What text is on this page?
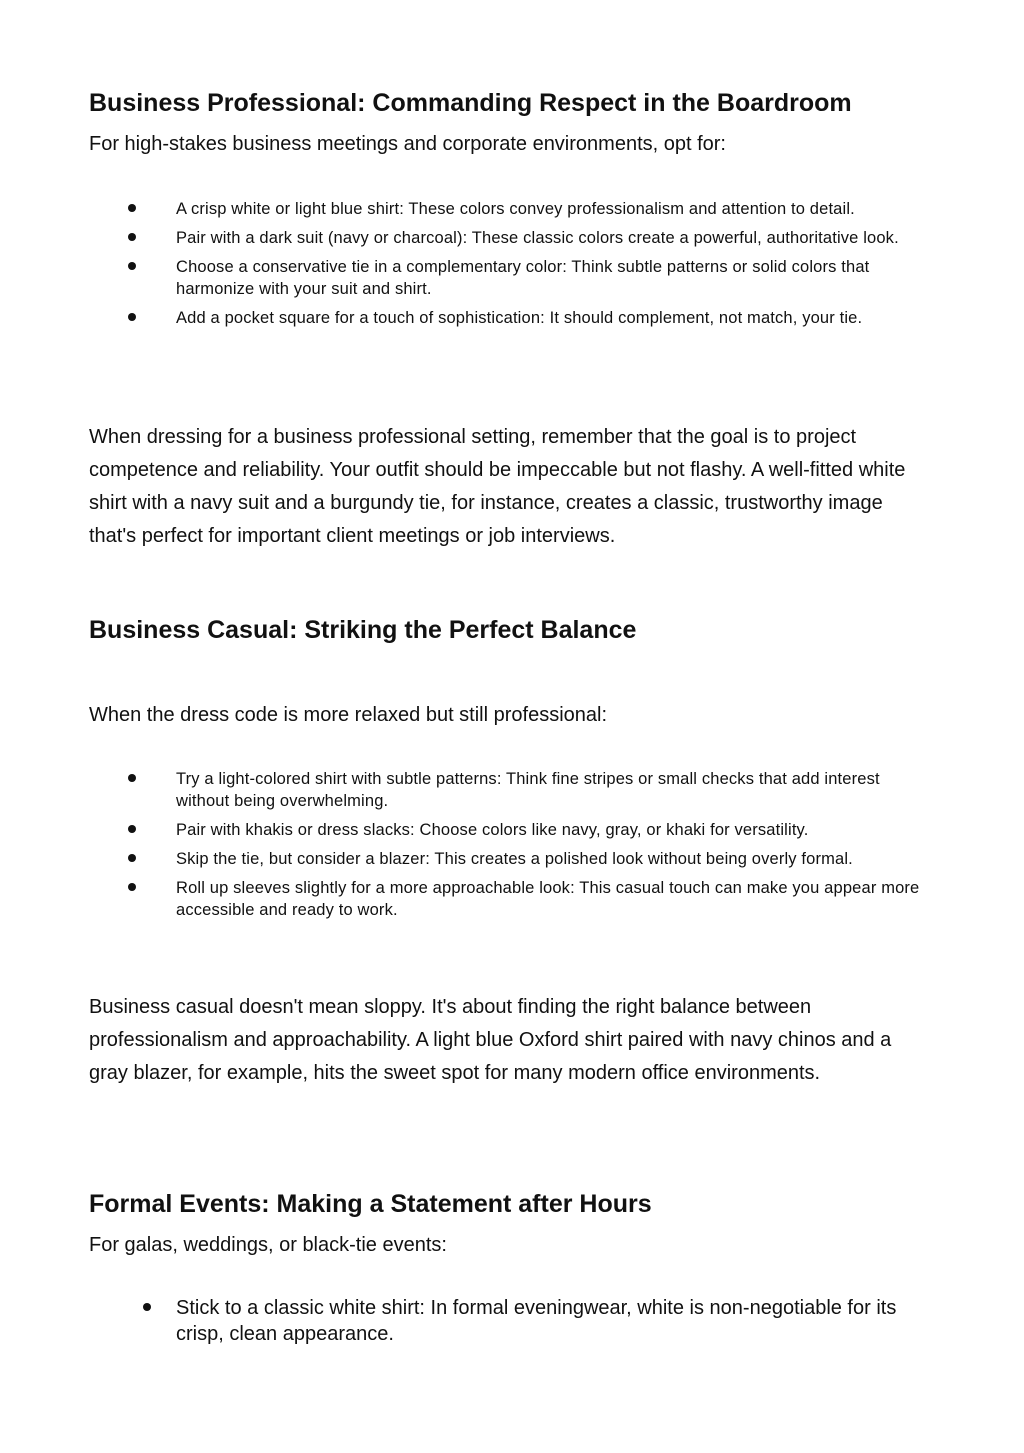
Business Professional: Commanding Respect in the Boardroom

For high-stakes business meetings and corporate environments, opt for:

A crisp white or light blue shirt: These colors convey professionalism and attention to detail.
Pair with a dark suit (navy or charcoal): These classic colors create a powerful, authoritative look.
Choose a conservative tie in a complementary color: Think subtle patterns or solid colors that harmonize with your suit and shirt.
Add a pocket square for a touch of sophistication: It should complement, not match, your tie.

When dressing for a business professional setting, remember that the goal is to project competence and reliability. Your outfit should be impeccable but not flashy. A well-fitted white shirt with a navy suit and a burgundy tie, for instance, creates a classic, trustworthy image that's perfect for important client meetings or job interviews.

Business Casual: Striking the Perfect Balance

When the dress code is more relaxed but still professional:

Try a light-colored shirt with subtle patterns: Think fine stripes or small checks that add interest without being overwhelming.
Pair with khakis or dress slacks: Choose colors like navy, gray, or khaki for versatility.
Skip the tie, but consider a blazer: This creates a polished look without being overly formal.
Roll up sleeves slightly for a more approachable look: This casual touch can make you appear more accessible and ready to work.

Business casual doesn't mean sloppy. It's about finding the right balance between professionalism and approachability. A light blue Oxford shirt paired with navy chinos and a gray blazer, for example, hits the sweet spot for many modern office environments.

Formal Events: Making a Statement after Hours

For galas, weddings, or black-tie events:

Stick to a classic white shirt: In formal eveningwear, white is non-negotiable for its crisp, clean appearance.
